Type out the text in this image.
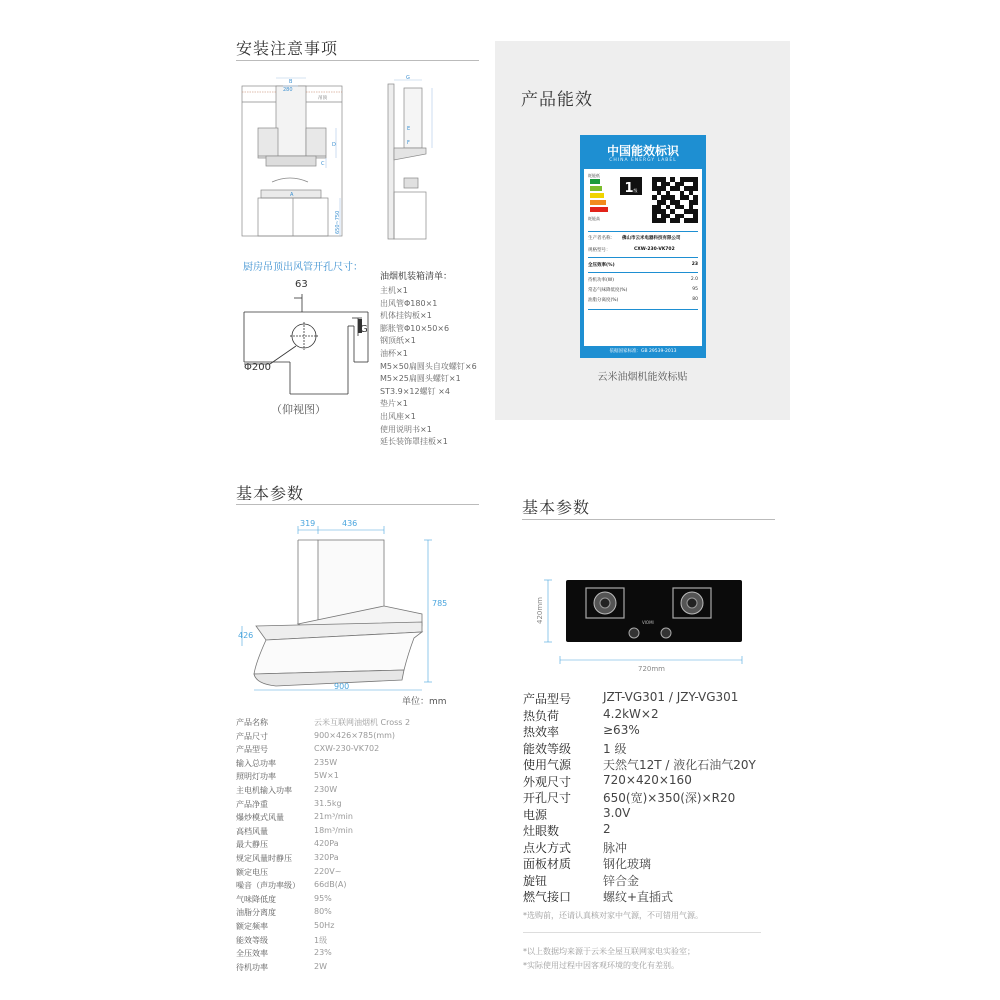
安装注意事项
B
280
吊顶
D
C
A
650~750
G
E
F
厨房吊顶出风管开孔尺寸：
63
G
Φ200
（仰视图）
油烟机装箱清单：
主机×1
出风管Φ180×1
机体挂钩板×1
膨胀管Φ10×50×6
钢顶纸×1
油杯×1
M5×50扁圆头自攻螺钉×6
M5×25扁圆头螺钉×1
ST3.9×12螺钉 ×4
垫片×1
出风座×1
使用说明书×1
延长装饰罩挂板×1
产品能效
中国能效标识
CHINA ENERGY LABEL
耗能低
耗能高
1级
生产者名称： 佛山市云米电器科技有限公司
规格型号：	CXW-230-VK702
全压效率(%)	23
待机功率(W)	2.0
常态气味降低度(%)	95
油脂分离度(%)	80
依据国家标准：GB 29539-2013
云米油烟机能效标贴
基本参数
319	436
785
426
900
单位：mm
产品名称	云米互联网油烟机 Cross 2
产品尺寸	900×426×785(mm)
产品型号	CXW-230-VK702
输入总功率	235W
照明灯功率	5W×1
主电机输入功率	230W
产品净重	31.5kg
爆炒模式风量	21m³/min
高档风量	18m³/min
最大静压	420Pa
规定风量时静压	320Pa
额定电压	220V~
噪音（声功率级） 66dB(A)
气味降低度	95%
油脂分离度	80%
额定频率	50Hz
能效等级	1级
全压效率	23%
待机功率	2W
基本参数
VIOMI
420mm
720mm
产品型号	JZT-VG301 / JZY-VG301
热负荷	4.2kW×2
热效率	≥63%
能效等级	1 级
使用气源	天然气12T / 液化石油气20Y
外观尺寸	720×420×160
开孔尺寸	650(宽)×350(深)×R20
电源	3.0V
灶眼数	2
点火方式	脉冲
面板材质	钢化玻璃
旋钮	锌合金
燃气接口	螺纹+直插式
*选购前，还请认真核对家中气源，不可错用气源。
*以上数据均来源于云米全屋互联网家电实验室；
*实际使用过程中因客观环境的变化有差别。
